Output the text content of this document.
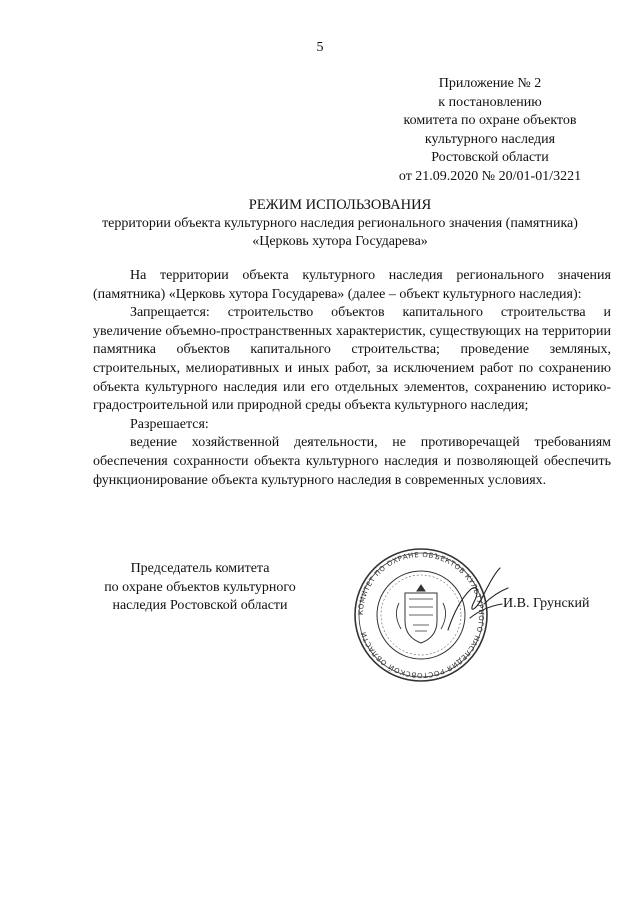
5
Приложение № 2
к постановлению
комитета по охране объектов
культурного наследия
Ростовской области
от 21.09.2020 № 20/01-01/3221
РЕЖИМ ИСПОЛЬЗОВАНИЯ
территории объекта культурного наследия регионального значения (памятника)
«Церковь хутора Государева»

На территории объекта культурного наследия регионального значения (памятника) «Церковь хутора Государева» (далее – объект культурного наследия):

Запрещается: строительство объектов капитального строительства и увеличение объемно-пространственных характеристик, существующих на территории памятника объектов капитального строительства; проведение земляных, строительных, мелиоративных и иных работ, за исключением работ по сохранению объекта культурного наследия или его отдельных элементов, сохранению историко-градостроительной или природной среды объекта культурного наследия;

Разрешается:

ведение хозяйственной деятельности, не противоречащей требованиям обеспечения сохранности объекта культурного наследия и позволяющей обеспечить функционирование объекта культурного наследия в современных условиях.

Председатель комитета
по охране объектов культурного
наследия Ростовской области	КОМИТЕТ ПО ОХРАНЕ ОБЪЕКТОВ КУЛЬТУРНОГО НАСЛЕДИЯ РОСТОВСКОЙ ОБЛАСТИ
И.В. Грунский
